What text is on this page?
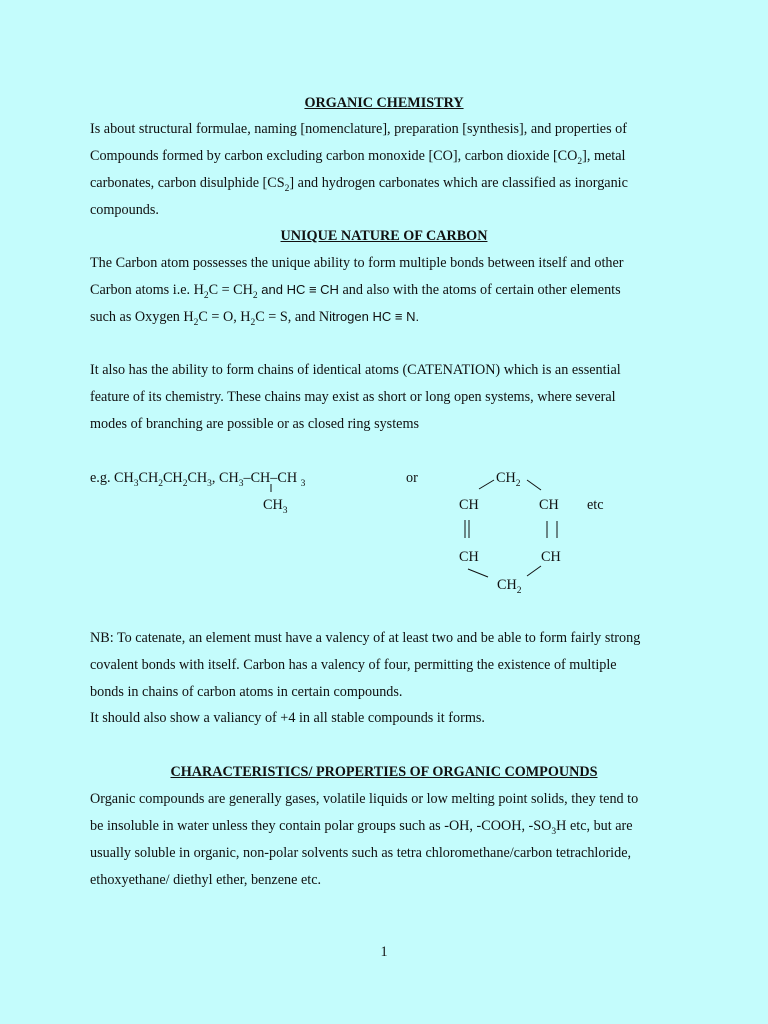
ORGANIC CHEMISTRY
Is about structural formulae, naming [nomenclature], preparation [synthesis], and properties of
Compounds formed by carbon excluding carbon monoxide [CO], carbon dioxide $[CO_2]$, metal
carbonates, carbon disulphide $[CS_2]$ and hydrogen carbonates which are classified as inorganic
compounds.
UNIQUE NATURE OF CARBON
The Carbon atom possesses the unique ability to form multiple bonds between itself and other
Carbon atoms i.e. $H_2C = CH_2$ and HC ≡ CH and also with the atoms of certain other elements
such as Oxygen $H_2C = O$, $H_2C = S$, and Nitrogen HC ≡ N.
It also has the ability to form chains of identical atoms (CATENATION) which is an essential
feature of its chemistry. These chains may exist as short or long open systems, where several
modes of branching are possible or as closed ring systems
e.g. $CH_3CH_2CH_2CH_3$, $CH_3-CH-CH$ $_3$
$CH_3$
or	$CH_2$
CH	CH etc
CH	CH
$CH_2$
NB: To catenate, an element must have a valency of at least two and be able to form fairly strong
covalent bonds with itself. Carbon has a valency of four, permitting the existence of multiple
bonds in chains of carbon atoms in certain compounds.
It should also show a valiancy of +4 in all stable compounds it forms.
CHARACTERISTICS/ PROPERTIES OF ORGANIC COMPOUNDS
Organic compounds are generally gases, volatile liquids or low melting point solids, they tend to
be insoluble in water unless they contain polar groups such as -OH, -COOH, $-SO_3H$ etc, but are
usually soluble in organic, non-polar solvents such as tetra chloromethane/carbon tetrachloride,
ethoxyethane/ diethyl ether, benzene etc.
1
